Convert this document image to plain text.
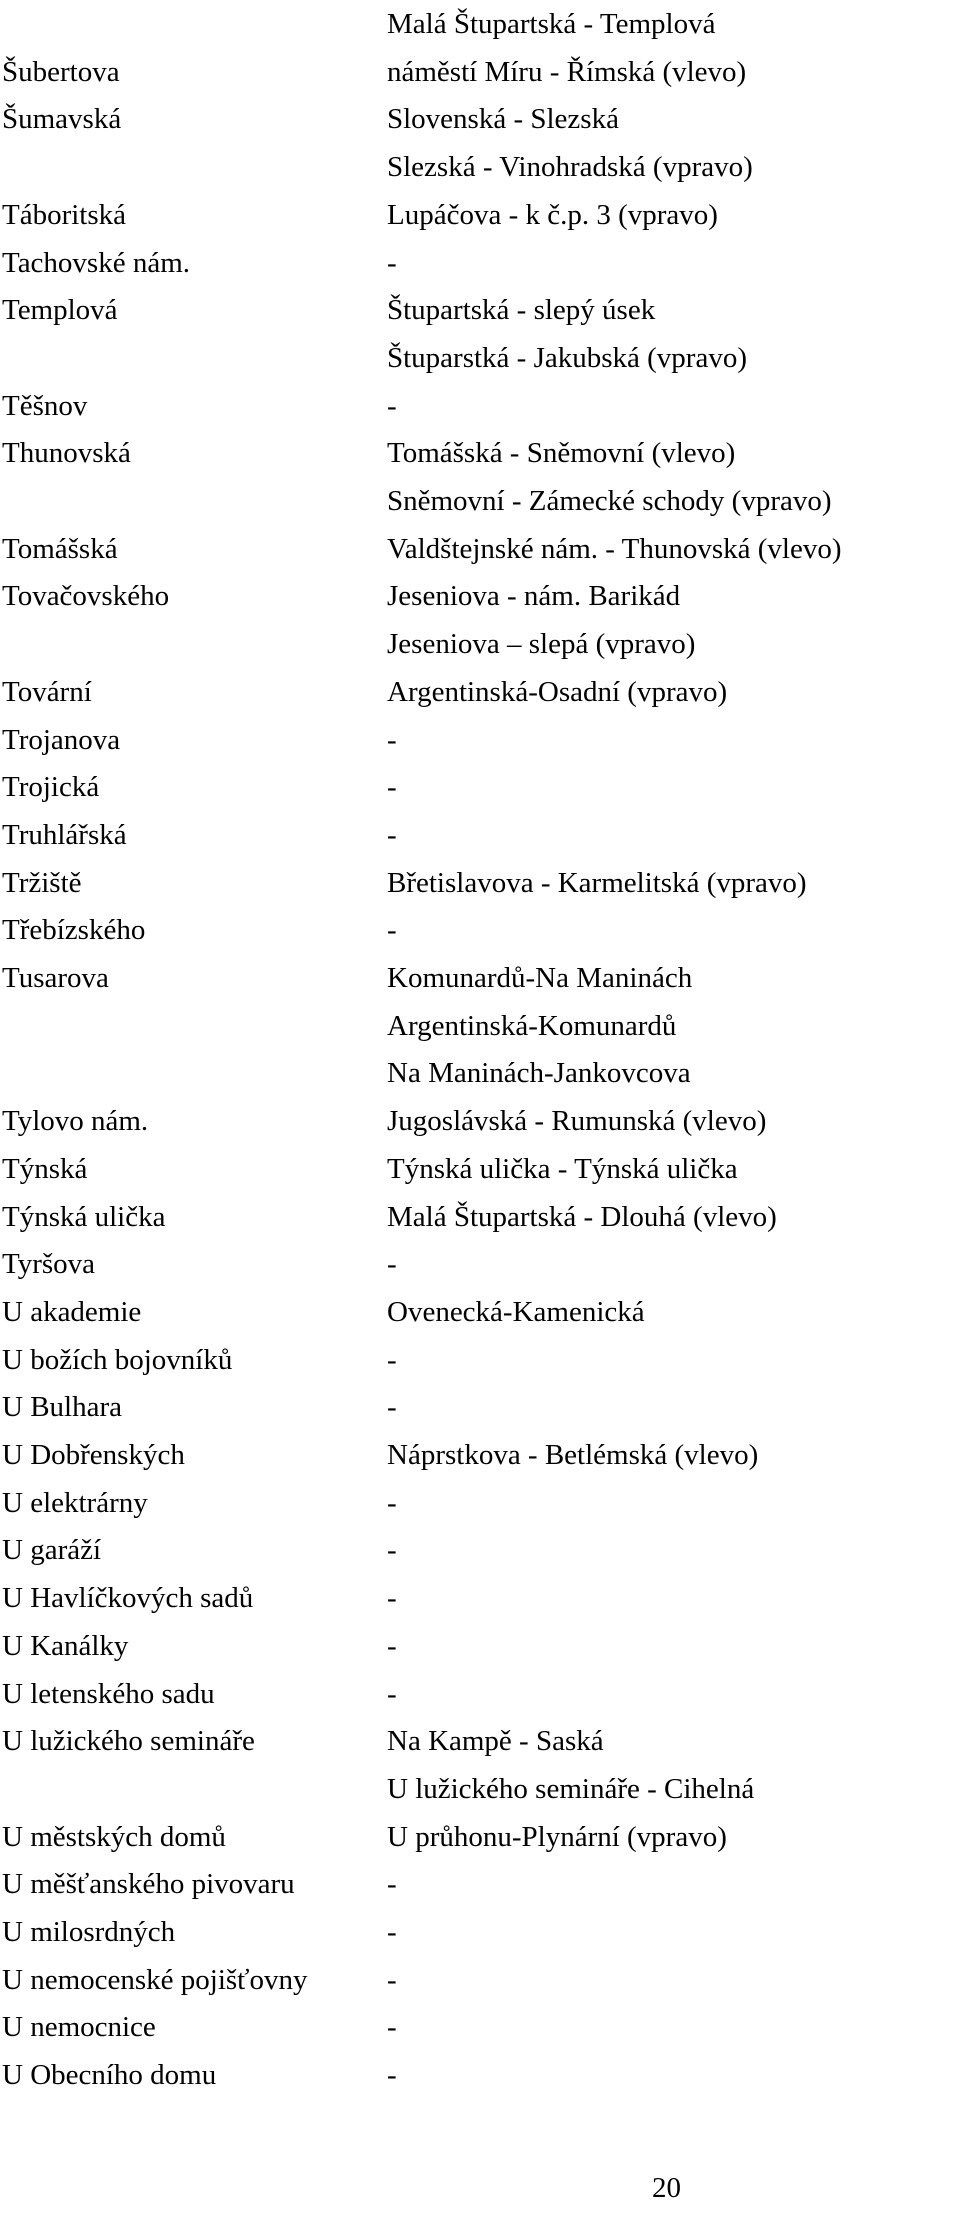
Malá Štupartská - Templová
Šubertova	náměstí Míru - Římská (vlevo)
Šumavská	Slovenská - Slezská
Slezská - Vinohradská (vpravo)
Táboritská	Lupáčova - k č.p. 3 (vpravo)
Tachovské nám.	-
Templová	Štupartská - slepý úsek
Štuparstká - Jakubská (vpravo)
Těšnov	-
Thunovská	Tomášská - Sněmovní (vlevo)
Sněmovní - Zámecké schody (vpravo)
Tomášská	Valdštejnské nám. - Thunovská (vlevo)
Tovačovského	Jeseniova - nám. Barikád
Jeseniova – slepá (vpravo)
Tovární	Argentinská-Osadní (vpravo)
Trojanova	-
Trojická	-
Truhlářská	-
Tržiště	Břetislavova - Karmelitská (vpravo)
Třebízského	-
Tusarova	Komunardů-Na Maninách
Argentinská-Komunardů
Na Maninách-Jankovcova
Tylovo nám.	Jugoslávská - Rumunská (vlevo)
Týnská	Týnská ulička - Týnská ulička
Týnská ulička	Malá Štupartská - Dlouhá (vlevo)
Tyršova	-
U akademie	Ovenecká-Kamenická
U božích bojovníků	-
U Bulhara	-
U Dobřenských	Náprstkova - Betlémská (vlevo)
U elektrárny	-
U garáží	-
U Havlíčkových sadů	-
U Kanálky	-
U letenského sadu	-
U lužického semináře	Na Kampě - Saská
U lužického semináře - Cihelná
U městských domů	U průhonu-Plynární (vpravo)
U měšťanského pivovaru	-
U milosrdných	-
U nemocenské pojišťovny	-
U nemocnice	-
U Obecního domu	-
20
